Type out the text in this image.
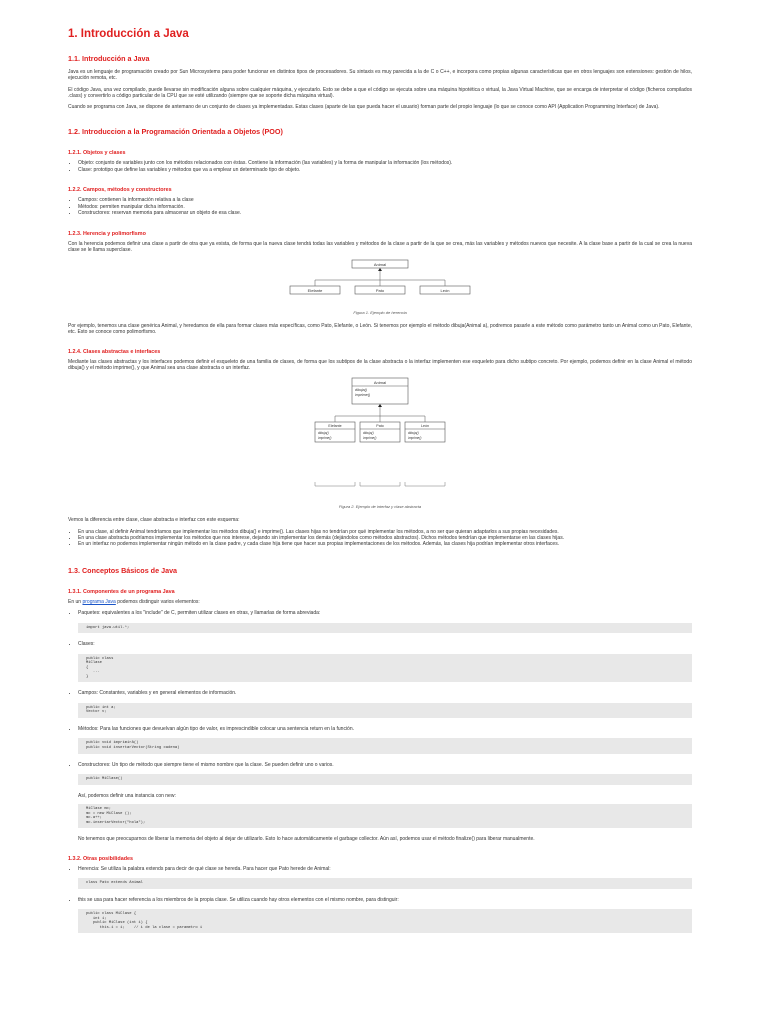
1. Introducción a Java
1.1. Introducción a Java

Java es un lenguaje de programación creado por Sun Microsystems para poder funcionar en distintos tipos de procesadores. Su sintaxis es muy parecida a la de C o C++, e incorpora como propias algunas características que en otros lenguajes son extensiones: gestión de hilos, ejecución remota, etc.

El código Java, una vez compilado, puede llevarse sin modificación alguna sobre cualquier máquina, y ejecutarlo. Esto se debe a que el código se ejecuta sobre una máquina hipotética o virtual, la Java Virtual Machine, que se encarga de interpretar el código (ficheros compilados .class) y convertirlo a código particular de la CPU que se esté utilizando (siempre que se soporte dicha máquina virtual).

Cuando se programa con Java, se dispone de antemano de un conjunto de clases ya implementadas. Estas clases (aparte de las que pueda hacer el usuario) forman parte del propio lenguaje (lo que se conoce como API (Application Programming Interface) de Java).

1.2. Introduccion a la Programación Orientada a Objetos (POO)
1.2.1. Objetos y clases
• Objeto: conjunto de variables junto con los métodos relacionados con éstas. Contiene la información (las variables) y la forma de manipular la información (los métodos).
• Clase: prototipo que define las variables y métodos que va a emplear un determinado tipo de objeto.
1.2.2. Campos, métodos y constructores
• Campos: contienen la información relativa a la clase
• Métodos: permiten manipular dicha información.
• Constructores: reservan memoria para almacenar un objeto de esa clase.
1.2.3. Herencia y polimorfismo

Con la herencia podemos definir una clase a partir de otra que ya exista, de forma que la nueva clase tendrá todas las variables y métodos de la clase a partir de la que se crea, más las variables y métodos nuevos que necesite. A la clase base a partir de la cual se crea la nueva clase se le llama superclase.

Animal
Elefante	Pato	León
Figura 1. Ejemplo de herencia

Por ejemplo, tenemos una clase genérica Animal, y heredamos de ella para formar clases más específicas, como Pato, Elefante, o León. Si tenemos por ejemplo el método dibuja(Animal a), podremos pasarle a este método como parámetro tanto un Animal como un Pato, Elefante, etc. Esto se conoce como polimorfismo.

1.2.4. Clases abstractas e interfaces

Mediante las clases abstractas y los interfaces podemos definir el esqueleto de una familia de clases, de forma que los subtipos de la clase abstracta o la interfaz implementen ese esqueleto para dicho subtipo concreto. Por ejemplo, podemos definir en la clase Animal el método dibuja() y el método imprime(), y que Animal sea una clase abstracta o un interfaz.

Animal
dibuja()
imprime()
Elefante
dibuja()
imprime()
Pato
dibuja()
imprime()
León
dibuja()
imprime()
Figura 2. Ejemplo de interfaz y clase abstracta

Vemos la diferencia entre clase, clase abstracta e interfaz con este esquema:

• En una clase, al definir Animal tendríamos que implementar los métodos dibuja() e imprime(). Las clases hijas no tendrían por qué implementar los métodos, a no ser que quieran adaptarlos a sus propias necesidades.
• En una clase abstracta podríamos implementar los métodos que nos interese, dejando sin implementar los demás (dejándolos como métodos abstractos). Dichos métodos tendrían que implementarse en las clases hijas.
• En un interfaz no podemos implementar ningún método en la clase padre, y cada clase hija tiene que hacer sus propias implementaciones de los métodos. Además, las clases hija podrían implementar otros interfaces.
1.3. Conceptos Básicos de Java
1.3.1. Componentes de un programa Java

En un programa Java podemos distinguir varios elementos:

• Paquetes: equivalentes a los "include" de C, permiten utilizar clases en otras, y llamarlas de forma abreviada:
import java.util.*;
• Clases:
public class
MiClase
{
...
}
• Campos: Constantes, variables y en general elementos de información.
public int a;
Vector v;
• Métodos: Para las funciones que devuelvan algún tipo de valor, es imprescindible colocar una sentencia return en la función.
public void imprimirA()
public void insertarVector(String cadena)
• Constructores: Un tipo de método que siempre tiene el mismo nombre que la clase. Se pueden definir uno o varios.
public MiClase()

Así, podemos definir una instancia con new:

MiClase mc;
mc = new MiClase ();
mc.a++;
mc.insertarVector("hola");

No tenemos que preocuparnos de liberar la memoria del objeto al dejar de utilizarlo. Esto lo hace automáticamente el garbage collector. Aún así, podemos usar el método finalize() para liberar manualmente.

1.3.2. Otras posibilidades
• Herencia: Se utiliza la palabra extends para decir de qué clase se hereda. Para hacer que Pato herede de Animal:
class Pato extends Animal
• this se usa para hacer referencia a los miembros de la propia clase. Se utiliza cuando hay otros elementos con el mismo nombre, para distinguir:
public class MiClase {
int i;
public MiClase (int i) {
this.i = i;    // i de la clase = parametro i
